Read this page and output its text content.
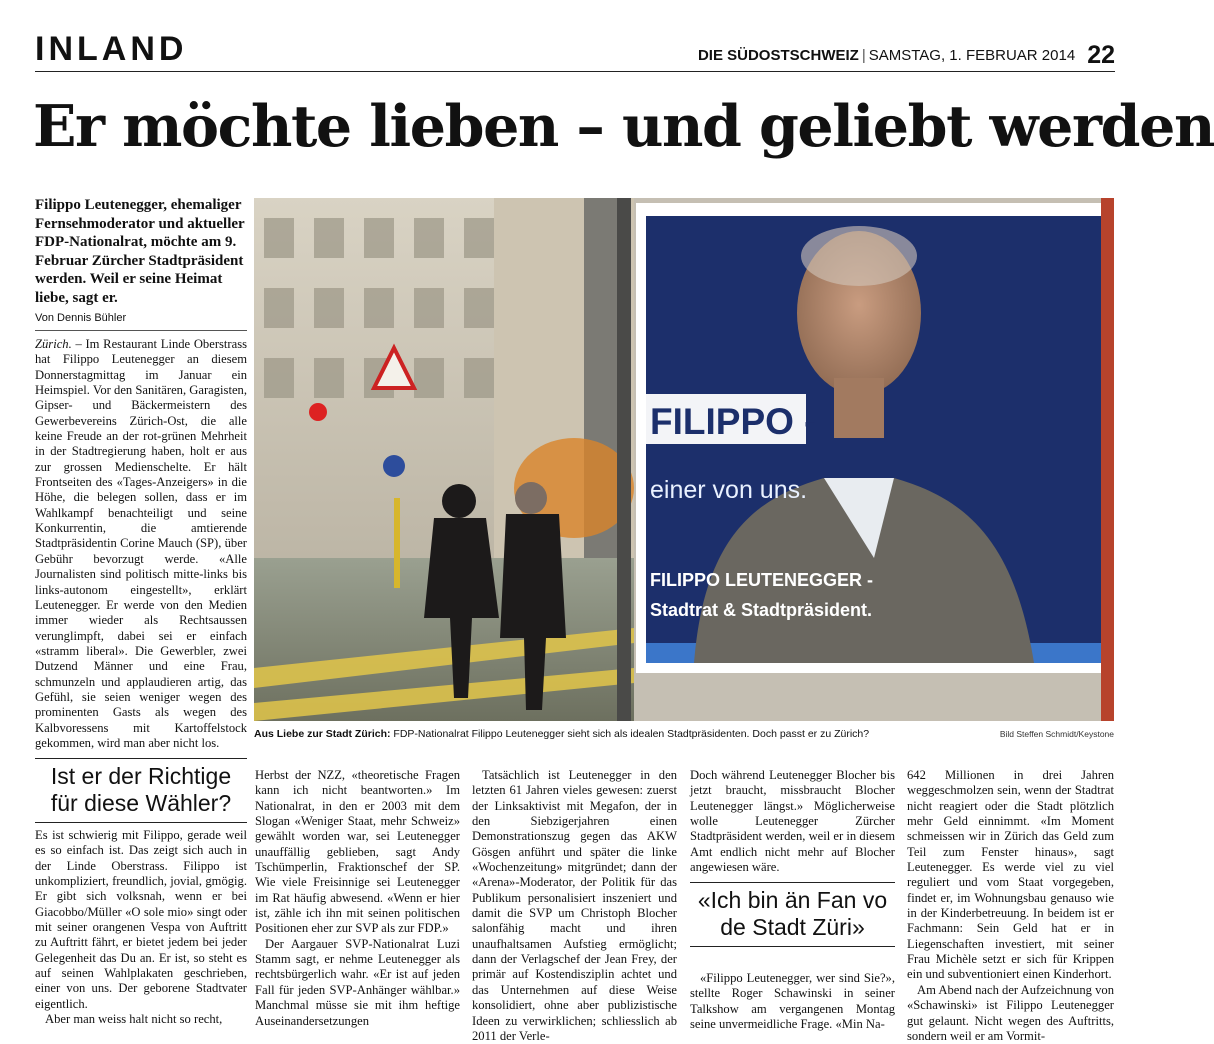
INLAND	DIE SÜDOSTSCHWEIZ | SAMSTAG, 1. FEBRUAR 2014 22
Er möchte lieben – und geliebt werden
Filippo Leutenegger, ehemaliger Fernsehmoderator und aktueller FDP-Nationalrat, möchte am 9. Februar Zürcher Stadtpräsident werden. Weil er seine Heimat liebe, sagt er.
Von Dennis Bühler

Zürich. – Im Restaurant Linde Oberstrass hat Filippo Leutenegger an diesem Donnerstagmittag im Januar ein Heimspiel. Vor den Sanitären, Garagisten, Gipser- und Bäckermeistern des Gewerbevereins Zürich-Ost, die alle keine Freude an der rot-grünen Mehrheit in der Stadtregierung haben, holt er aus zur grossen Medienschelte. Er hält Frontseiten des «Tages-Anzeigers» in die Höhe, die belegen sollen, dass er im Wahlkampf benachteiligt und seine Konkurrentin, die amtierende Stadtpräsidentin Corine Mauch (SP), über Gebühr bevorzugt werde. «Alle Journalisten sind politisch mitte-links bis links-autonom eingestellt», erklärt Leutenegger. Er werde von den Medien immer wieder als Rechtsaussen verunglimpft, dabei sei er einfach «stramm liberal». Die Gewerbler, zwei Dutzend Männer und eine Frau, schmunzeln und applaudieren artig, das Gefühl, sie seien weniger wegen des prominenten Gasts als wegen des Kalbvoressens mit Kartoffelstock gekommen, wird man aber nicht los.

FILIPPO -
einer von uns.
FILIPPO LEUTENEGGER -
Stadtrat & Stadtpräsident.
Aus Liebe zur Stadt Zürich: FDP-Nationalrat Filippo Leutenegger sieht sich als idealen Stadtpräsidenten. Doch passt er zu Zürich?	Bild Steffen Schmidt/Keystone
Ist er der Richtige für diese Wähler?

Es ist schwierig mit Filippo, gerade weil es so einfach ist. Das zeigt sich auch in der Linde Oberstrass. Filippo ist unkompliziert, freundlich, jovial, gmögig. Er gibt sich volksnah, wenn er bei Giacobbo/Müller «O sole mio» singt oder mit seiner orangenen Vespa von Auftritt zu Auftritt fährt, er bietet jedem bei jeder Gelegenheit das Du an. Er ist, so steht es auf seinen Wahlplakaten geschrieben, einer von uns. Der geborene Stadtvater eigentlich.

Aber man weiss halt nicht so recht,

Herbst der NZZ, «theoretische Fragen kann ich nicht beantworten.» Im Nationalrat, in den er 2003 mit dem Slogan «Weniger Staat, mehr Schweiz» gewählt worden war, sei Leutenegger unauffällig geblieben, sagt Andy Tschümperlin, Fraktionschef der SP. Wie viele Freisinnige sei Leutenegger im Rat häufig abwesend. «Wenn er hier ist, zähle ich ihn mit seinen politischen Positionen eher zur SVP als zur FDP.»

Der Aargauer SVP-Nationalrat Luzi Stamm sagt, er nehme Leutenegger als rechtsbürgerlich wahr. «Er ist auf jeden Fall für jeden SVP-Anhänger wählbar.» Manchmal müsse sie mit ihm heftige Auseinandersetzungen

Tatsächlich ist Leutenegger in den letzten 61 Jahren vieles gewesen: zuerst der Linksaktivist mit Megafon, der in den Siebzigerjahren einen Demonstrationszug gegen das AKW Gösgen anführt und später die linke «Wochenzeitung» mitgründet; dann der «Arena»-Moderator, der Politik für das Publikum personalisiert inszeniert und damit die SVP um Christoph Blocher salonfähig macht und ihren unaufhaltsamen Aufstieg ermöglicht; dann der Verlagschef der Jean Frey, der primär auf Kostendisziplin achtet und das Unternehmen auf diese Weise konsolidiert, ohne aber publizistische Ideen zu verwirklichen; schliesslich ab 2011 der Verle-

Doch während Leutenegger Blocher bis jetzt braucht, missbraucht Blocher Leutenegger längst.» Möglicherweise wolle Leutenegger Zürcher Stadtpräsident werden, weil er in diesem Amt endlich nicht mehr auf Blocher angewiesen wäre.

«Ich bin än Fan vo de Stadt Züri»

«Filippo Leutenegger, wer sind Sie?», stellte Roger Schawinski in seiner Talkshow am vergangenen Montag seine unvermeidliche Frage. «Min Na-

642 Millionen in drei Jahren weggeschmolzen sein, wenn der Stadtrat nicht reagiert oder die Stadt plötzlich mehr Geld einnimmt. «Im Moment schmeissen wir in Zürich das Geld zum Teil zum Fenster hinaus», sagt Leutenegger. Es werde viel zu viel reguliert und vom Staat vorgegeben, findet er, im Wohnungsbau genauso wie in der Kinderbetreuung. In beidem ist er Fachmann: Sein Geld hat er in Liegenschaften investiert, mit seiner Frau Michèle setzt er sich für Krippen ein und subventioniert einen Kinderhort.

Am Abend nach der Aufzeichnung von «Schawinski» ist Filippo Leutenegger gut gelaunt. Nicht wegen des Auftritts, sondern weil er am Vormit-
